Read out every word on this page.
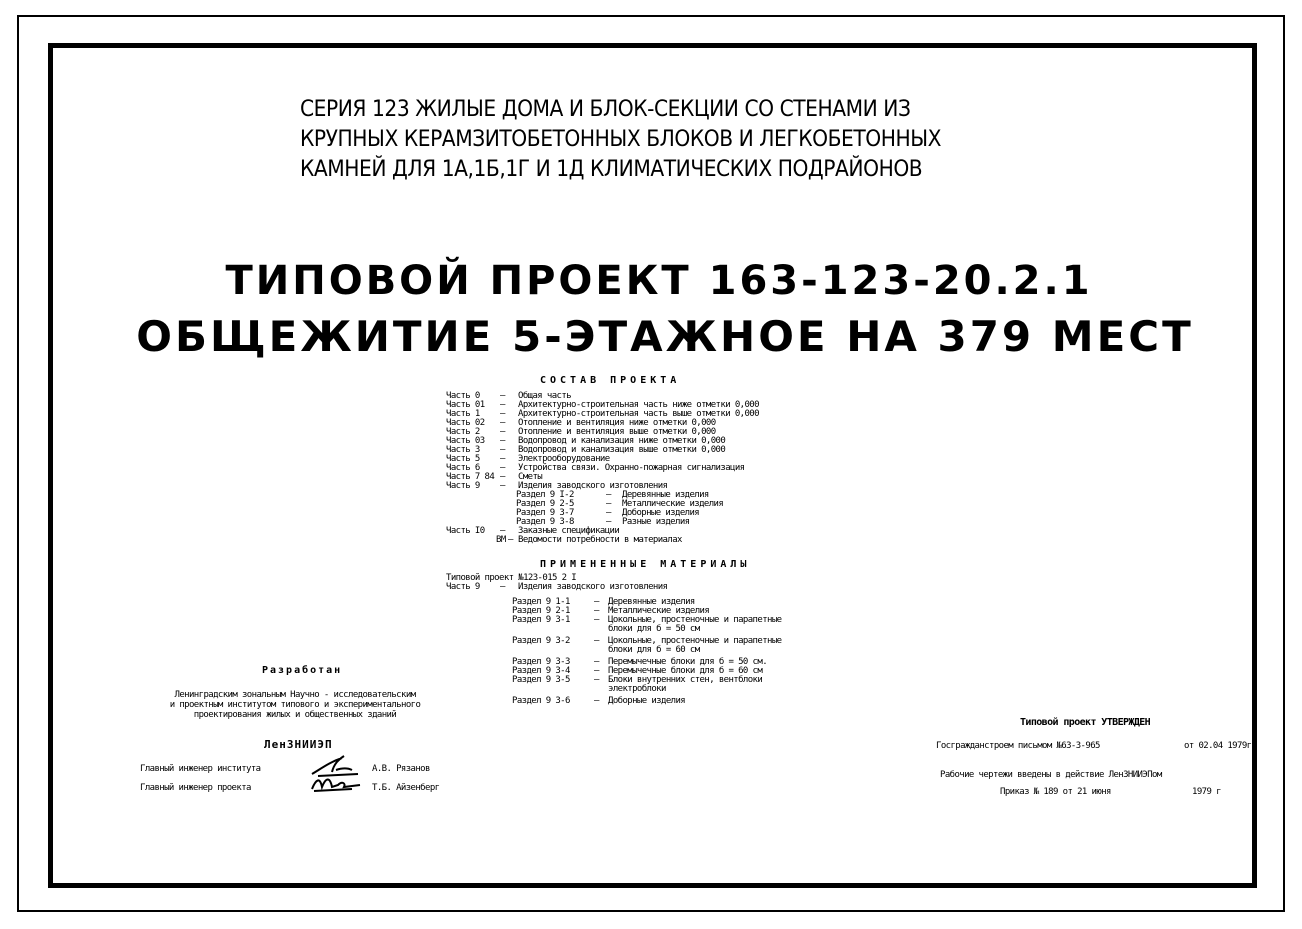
СЕРИЯ 123 ЖИЛЫЕ ДОМА И БЛОК-СЕКЦИИ СО СТЕНАМИ ИЗ
КРУПНЫХ КЕРАМЗИТОБЕТОННЫХ БЛОКОВ И ЛЕГКОБЕТОННЫХ
КАМНЕЙ ДЛЯ 1А,1Б,1Г И 1Д КЛИМАТИЧЕСКИХ ПОДРАЙОНОВ
ТИПОВОЙ ПРОЕКТ 163-123-20.2.1
ОБЩЕЖИТИЕ 5-ЭТАЖНОЕ НА 379 МЕСТ
СОСТАВ ПРОЕКТА
Часть 0 – Общая часть
Часть 01 – Архитектурно-строительная часть ниже отметки 0,000
Часть 1 – Архитектурно-строительная часть выше отметки 0,000
Часть 02 – Отопление и вентиляция ниже отметки 0,000
Часть 2 – Отопление и вентиляция выше отметки 0,000
Часть 03 – Водопровод и канализация ниже отметки 0,000
Часть 3 – Водопровод и канализация выше отметки 0,000
Часть 5 – Электрооборудование
Часть 6 – Устройства связи. Охранно-пожарная сигнализация
Часть 7 84 – Сметы
Часть 9 – Изделия заводского изготовления
Раздел 9 I-2	– Деревянные изделия
Раздел 9 2-5	– Металлические изделия
Раздел 9 3-7	– Доборные изделия
Раздел 9 3-8	– Разные изделия
Часть I0 – Заказные спецификации
ВМ – Ведомости потребности в материалах
ПРИМЕНЕННЫЕ МАТЕРИАЛЫ
Типовой проект №123-015 2 I
Часть 9 – Изделия заводского изготовления
Раздел 9 1-1	– Деревянные изделия
Раздел 9 2-1	– Металлические изделия
Раздел 9 3-1	– Цокольные, простеночные и парапетные
блоки для б = 50 см
Раздел 9 3-2	– Цокольные, простеночные и парапетные
блоки для б = 60 см
Раздел 9 3-3	– Перемычечные блоки для б = 50 см.
Раздел 9 3-4	– Перемычечные блоки для б = 60 см
Раздел 9 3-5	– Блоки внутренних стен, вентблоки
электроблоки
Раздел 9 3-6	– Доборные изделия
Разработан
Ленинградским зональным Научно - исследовательским
и проектным институтом типового и экспериментального
проектирования жилых и общественных зданий
ЛенЗНИИЭП
Главный инженер института	А.В. Рязанов
Главный инженер проекта	Т.Б. Айзенберг
Типовой проект УТВЕРЖДЕН
Госгражданстроем письмом №63-3-965	от 02.04 1979г
Рабочие чертежи введены в действие ЛенЗНИИЭПом
Приказ № 189 от 21 июня	1979 г
